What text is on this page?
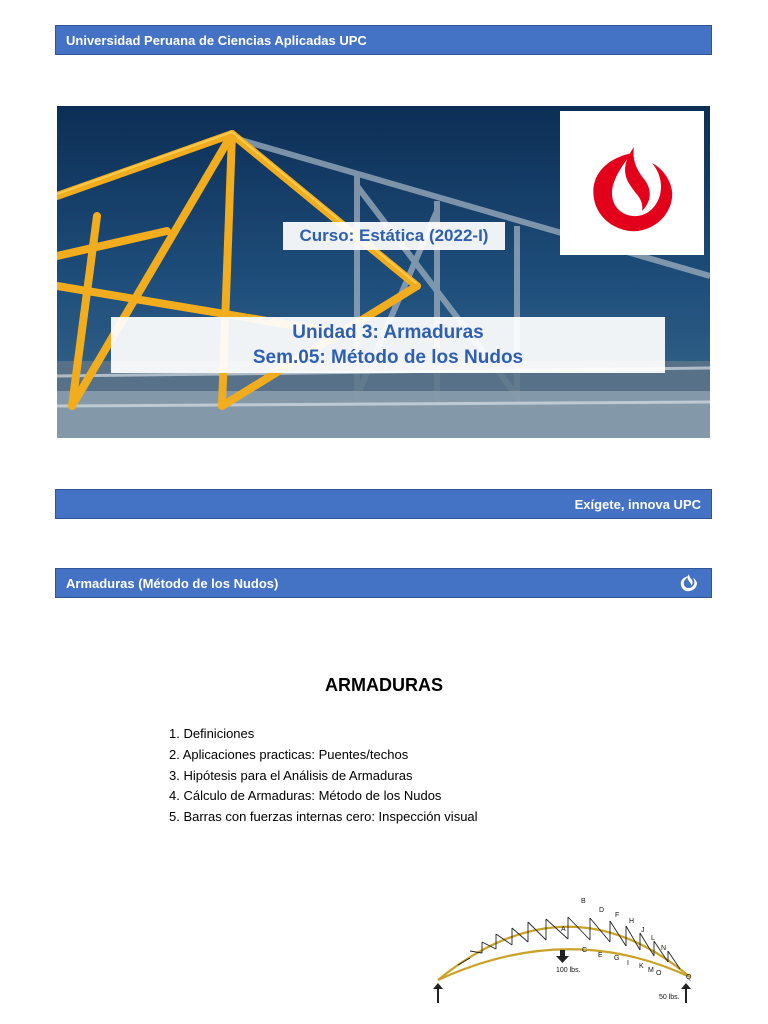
Universidad Peruana de Ciencias Aplicadas UPC
Curso: Estática (2022-I)
Unidad 3: Armaduras
Sem.05: Método de los Nudos
Exígete, innova UPC
Armaduras (Método de los Nudos)
ARMADURAS
1. Definiciones
2. Aplicaciones practicas: Puentes/techos
3. Hipótesis para el Análisis de Armaduras
4. Cálculo de Armaduras: Método de los Nudos
5. Barras con fuerzas internas cero: Inspección visual
A
B
C
D
E
F
G
H
I
J
K
L
M
N
O
Q
100 lbs.
50 lbs.
